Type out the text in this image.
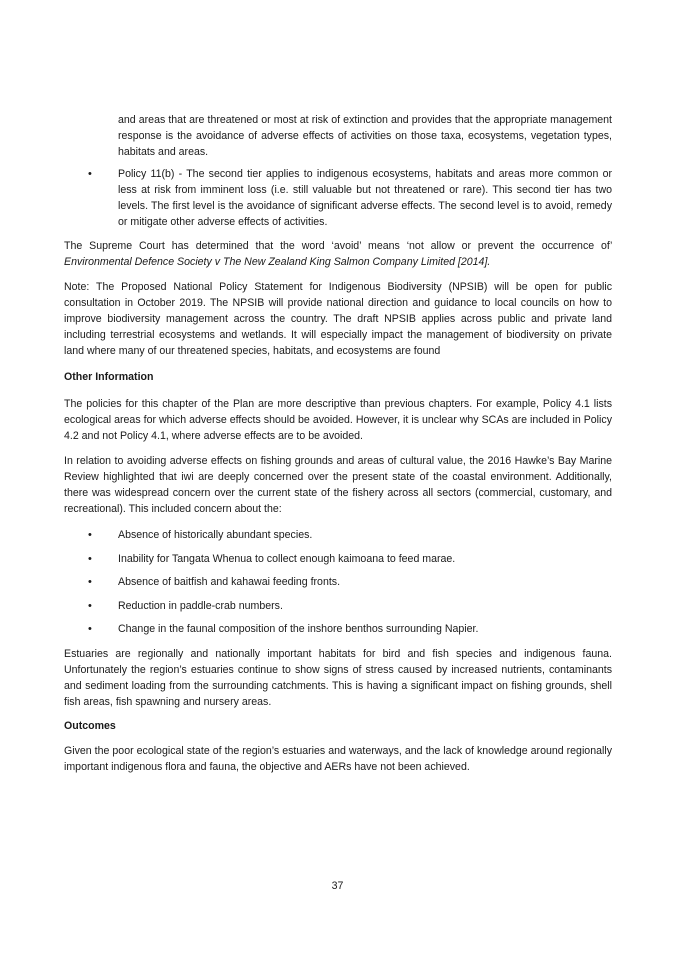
and areas that are threatened or most at risk of extinction and provides that the appropriate management response is the avoidance of adverse effects of activities on those taxa, ecosystems, vegetation types, habitats and areas.

•	Policy 11(b) - The second tier applies to indigenous ecosystems, habitats and areas more common or less at risk from imminent loss (i.e. still valuable but not threatened or rare). This second tier has two levels. The first level is the avoidance of significant adverse effects. The second level is to avoid, remedy or mitigate other adverse effects of activities.

The Supreme Court has determined that the word ‘avoid’ means ‘not allow or prevent the occurrence of’ Environmental Defence Society v The New Zealand King Salmon Company Limited [2014].

Note: The Proposed National Policy Statement for Indigenous Biodiversity (NPSIB) will be open for public consultation in October 2019. The NPSIB will provide national direction and guidance to local councils on how to improve biodiversity management across the country. The draft NPSIB applies across public and private land including terrestrial ecosystems and wetlands. It will especially impact the management of biodiversity on private land where many of our threatened species, habitats, and ecosystems are found

Other Information

The policies for this chapter of the Plan are more descriptive than previous chapters. For example, Policy 4.1 lists ecological areas for which adverse effects should be avoided. However, it is unclear why SCAs are included in Policy 4.2 and not Policy 4.1, where adverse effects are to be avoided.

In relation to avoiding adverse effects on fishing grounds and areas of cultural value, the 2016 Hawke’s Bay Marine Review highlighted that iwi are deeply concerned over the present state of the coastal environment. Additionally, there was widespread concern over the current state of the fishery across all sectors (commercial, customary, and recreational). This included concern about the:

•	Absence of historically abundant species.

•	Inability for Tangata Whenua to collect enough kaimoana to feed marae.

•	Absence of baitfish and kahawai feeding fronts.

•	Reduction in paddle-crab numbers.

•	Change in the faunal composition of the inshore benthos surrounding Napier.

Estuaries are regionally and nationally important habitats for bird and fish species and indigenous fauna. Unfortunately the region’s estuaries continue to show signs of stress caused by increased nutrients, contaminants and sediment loading from the surrounding catchments. This is having a significant impact on fishing grounds, shell fish areas, fish spawning and nursery areas.

Outcomes

Given the poor ecological state of the region’s estuaries and waterways, and the lack of knowledge around regionally important indigenous flora and fauna, the objective and AERs have not been achieved.

37
